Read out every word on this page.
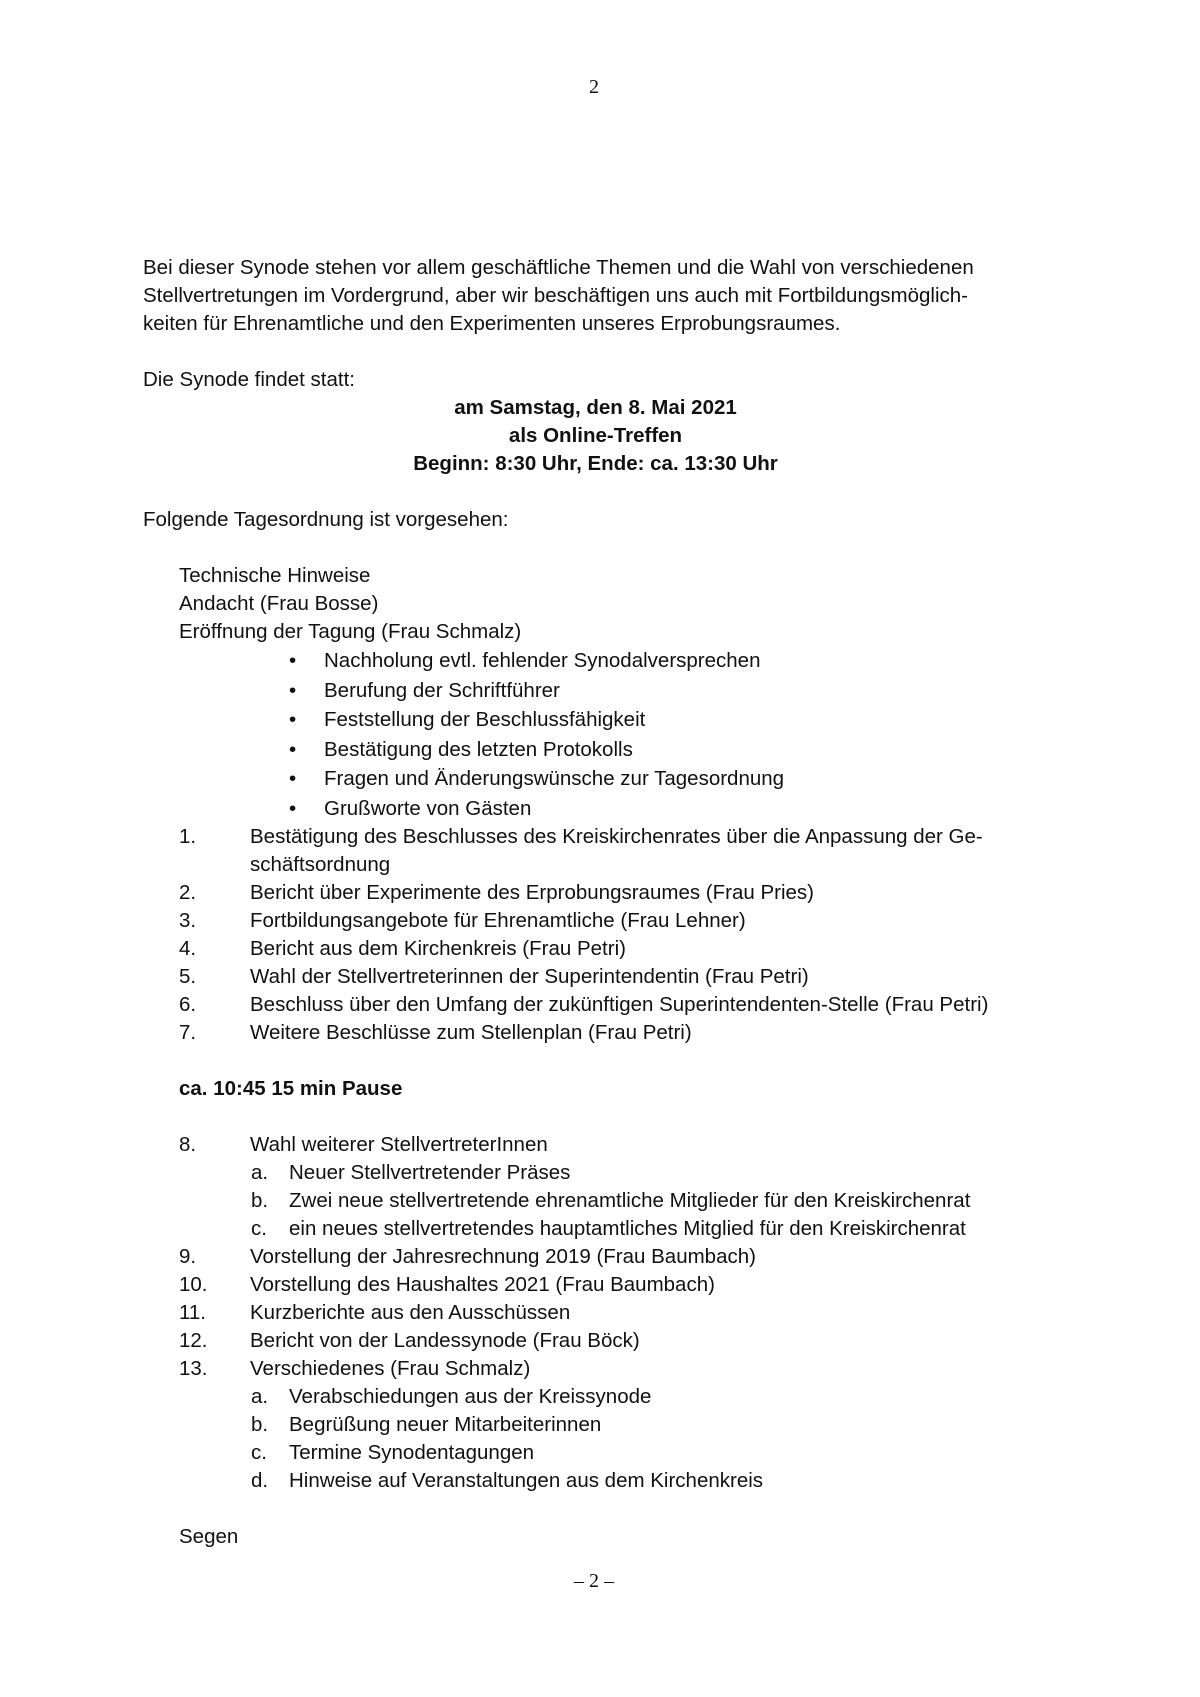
2
Bei dieser Synode stehen vor allem geschäftliche Themen und die Wahl von verschiedenen
Stellvertretungen im Vordergrund, aber wir beschäftigen uns auch mit Fortbildungsmöglich-
keiten für Ehrenamtliche und den Experimenten unseres Erprobungsraumes.
Die Synode findet statt:
am Samstag, den 8. Mai 2021
als Online-Treffen
Beginn: 8:30 Uhr, Ende: ca. 13:30 Uhr
Folgende Tagesordnung ist vorgesehen:
Technische Hinweise
Andacht (Frau Bosse)
Eröffnung der Tagung (Frau Schmalz)
• Nachholung evtl. fehlender Synodalversprechen
• Berufung der Schriftführer
• Feststellung der Beschlussfähigkeit
• Bestätigung des letzten Protokolls
• Fragen und Änderungswünsche zur Tagesordnung
• Grußworte von Gästen
1.	Bestätigung des Beschlusses des Kreiskirchenrates über die Anpassung der Ge-
schäftsordnung
2.	Bericht über Experimente des Erprobungsraumes (Frau Pries)
3.	Fortbildungsangebote für Ehrenamtliche (Frau Lehner)
4.	Bericht aus dem Kirchenkreis (Frau Petri)
5.	Wahl der Stellvertreterinnen der Superintendentin (Frau Petri)
6.	Beschluss über den Umfang der zukünftigen Superintendenten-Stelle (Frau Petri)
7.	Weitere Beschlüsse zum Stellenplan (Frau Petri)
ca. 10:45 15 min Pause
8.	Wahl weiterer StellvertreterInnen
a. Neuer Stellvertretender Präses
b. Zwei neue stellvertretende ehrenamtliche Mitglieder für den Kreiskirchenrat
c. ein neues stellvertretendes hauptamtliches Mitglied für den Kreiskirchenrat
9.	Vorstellung der Jahresrechnung 2019 (Frau Baumbach)
10. Vorstellung des Haushaltes 2021 (Frau Baumbach)
11. Kurzberichte aus den Ausschüssen
12. Bericht von der Landessynode (Frau Böck)
13. Verschiedenes (Frau Schmalz)
a. Verabschiedungen aus der Kreissynode
b. Begrüßung neuer Mitarbeiterinnen
c. Termine Synodentagungen
d. Hinweise auf Veranstaltungen aus dem Kirchenkreis
Segen
– 2 –
